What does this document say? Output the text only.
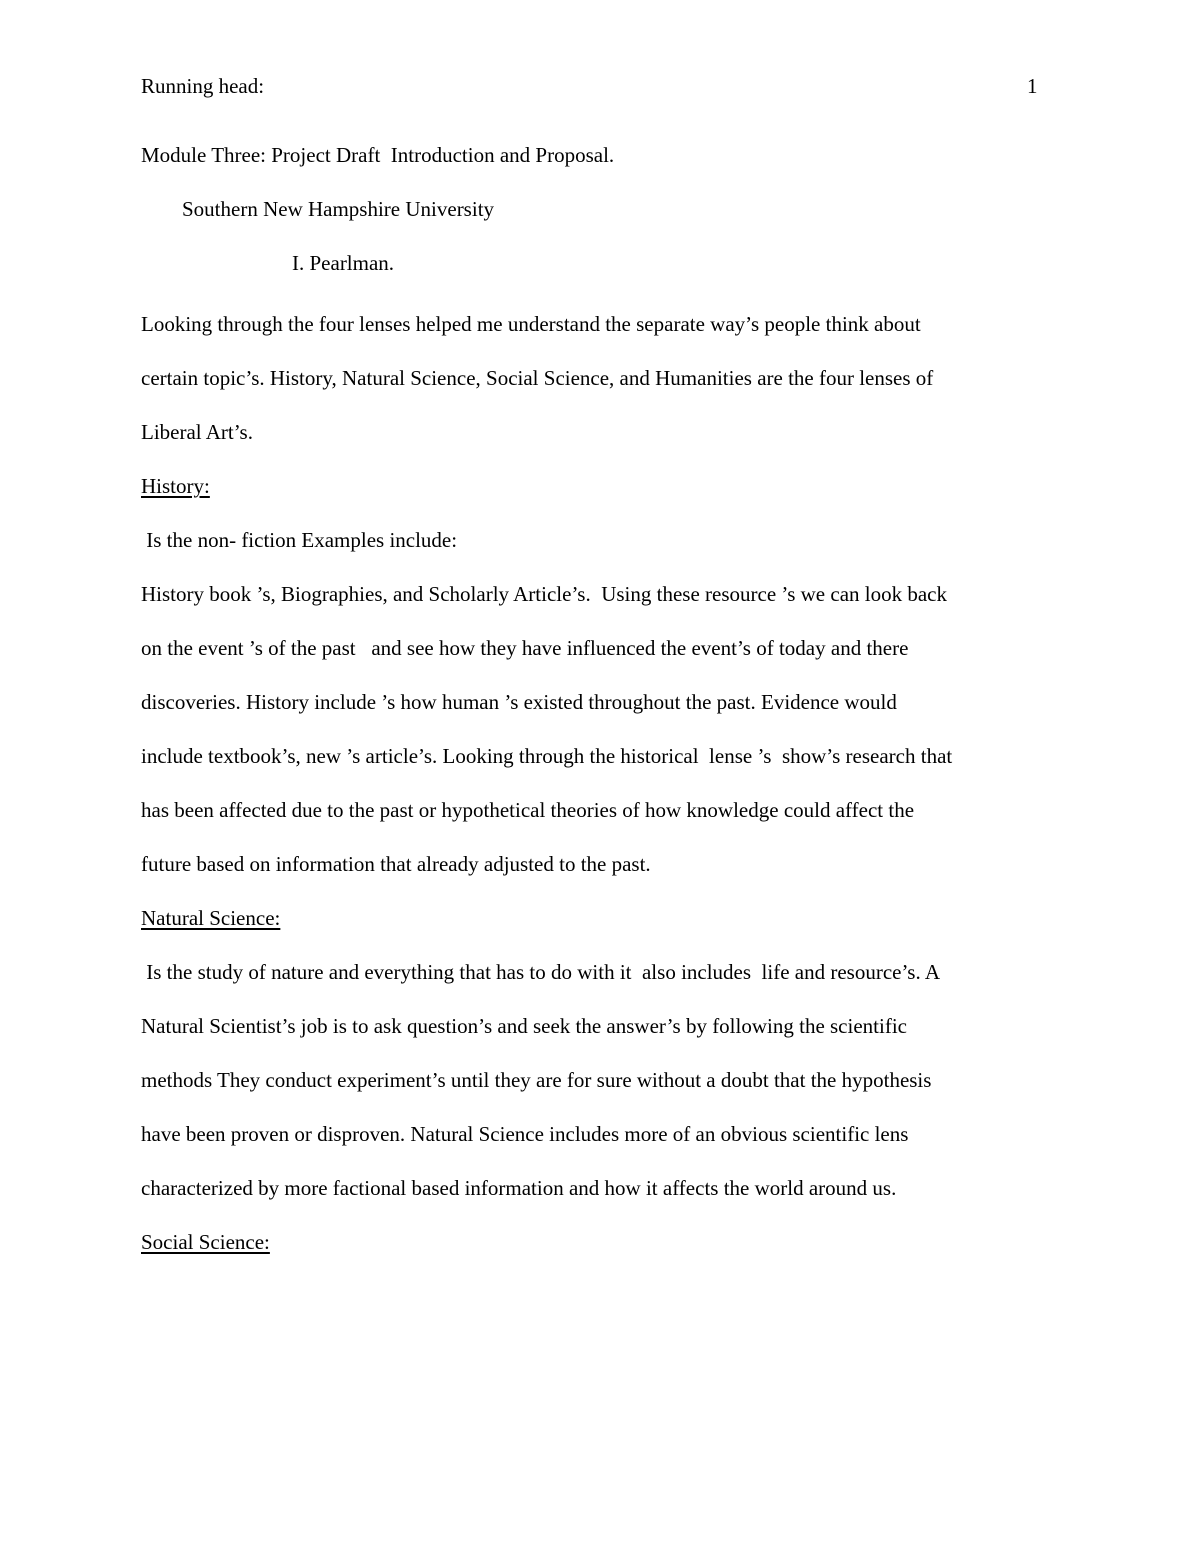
Running head:	1
Module Three: Project Draft  Introduction and Proposal.
Southern New Hampshire University
I. Pearlman.

Looking through the four lenses helped me understand the separate way’s people think about
certain topic’s. History, Natural Science, Social Science, and Humanities are the four lenses of
Liberal Art’s.

History:

Is the non- fiction Examples include:
History book ’s, Biographies, and Scholarly Article’s.  Using these resource ’s we can look back
on the event ’s of the past   and see how they have influenced the event’s of today and there
discoveries. History include ’s how human ’s existed throughout the past. Evidence would
include textbook’s, new ’s article’s. Looking through the historical  lense ’s  show’s research that
has been affected due to the past or hypothetical theories of how knowledge could affect the
future based on information that already adjusted to the past.

Natural Science:

Is the study of nature and everything that has to do with it  also includes  life and resource’s. A
Natural Scientist’s job is to ask question’s and seek the answer’s by following the scientific
methods They conduct experiment’s until they are for sure without a doubt that the hypothesis
have been proven or disproven. Natural Science includes more of an obvious scientific lens
characterized by more factional based information and how it affects the world around us.

Social Science:
